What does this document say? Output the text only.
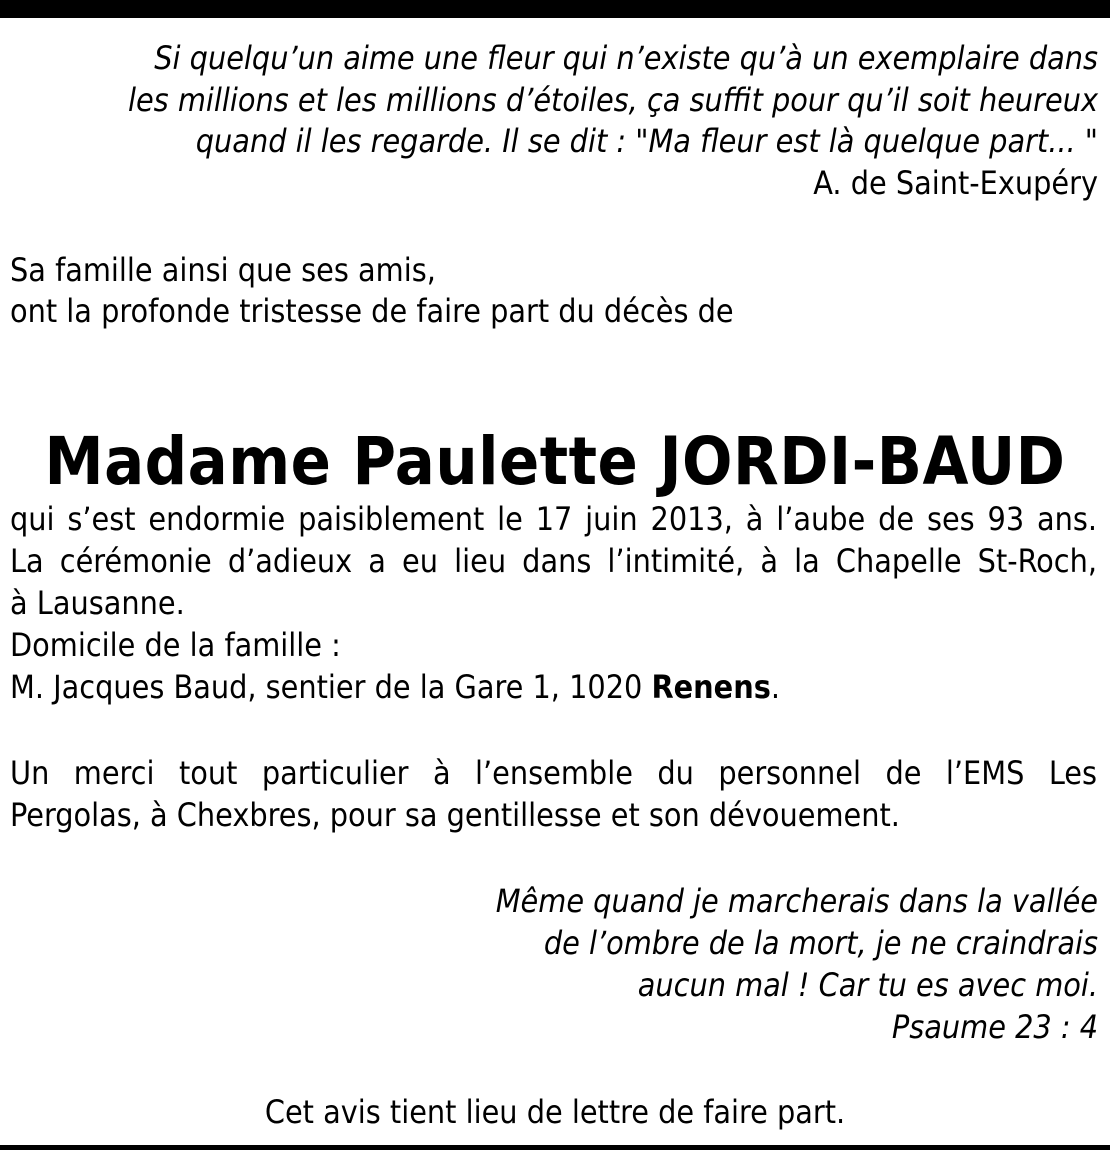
Si quelqu’un aime une fleur qui n’existe qu’à un exemplaire dans

les millions et les millions d’étoiles, ça suffit pour qu’il soit heureux

quand il les regarde. Il se dit : "Ma fleur est là quelque part... "

A. de Saint-Exupéry

Sa famille ainsi que ses amis,

ont la profonde tristesse de faire part du décès de

Madame Paulette JORDI-BAUD

qui s’est endormie paisiblement le 17 juin 2013, à l’aube de ses 93 ans.

La cérémonie d’adieux a eu lieu dans l’intimité, à la Chapelle St-Roch,

à Lausanne.

Domicile de la famille :

M. Jacques Baud, sentier de la Gare 1, 1020 Renens.

Un merci tout particulier à l’ensemble du personnel de l’EMS Les

Pergolas, à Chexbres, pour sa gentillesse et son dévouement.

Même quand je marcherais dans la vallée

de l’ombre de la mort, je ne craindrais

aucun mal ! Car tu es avec moi.

Psaume 23 : 4

Cet avis tient lieu de lettre de faire part.
